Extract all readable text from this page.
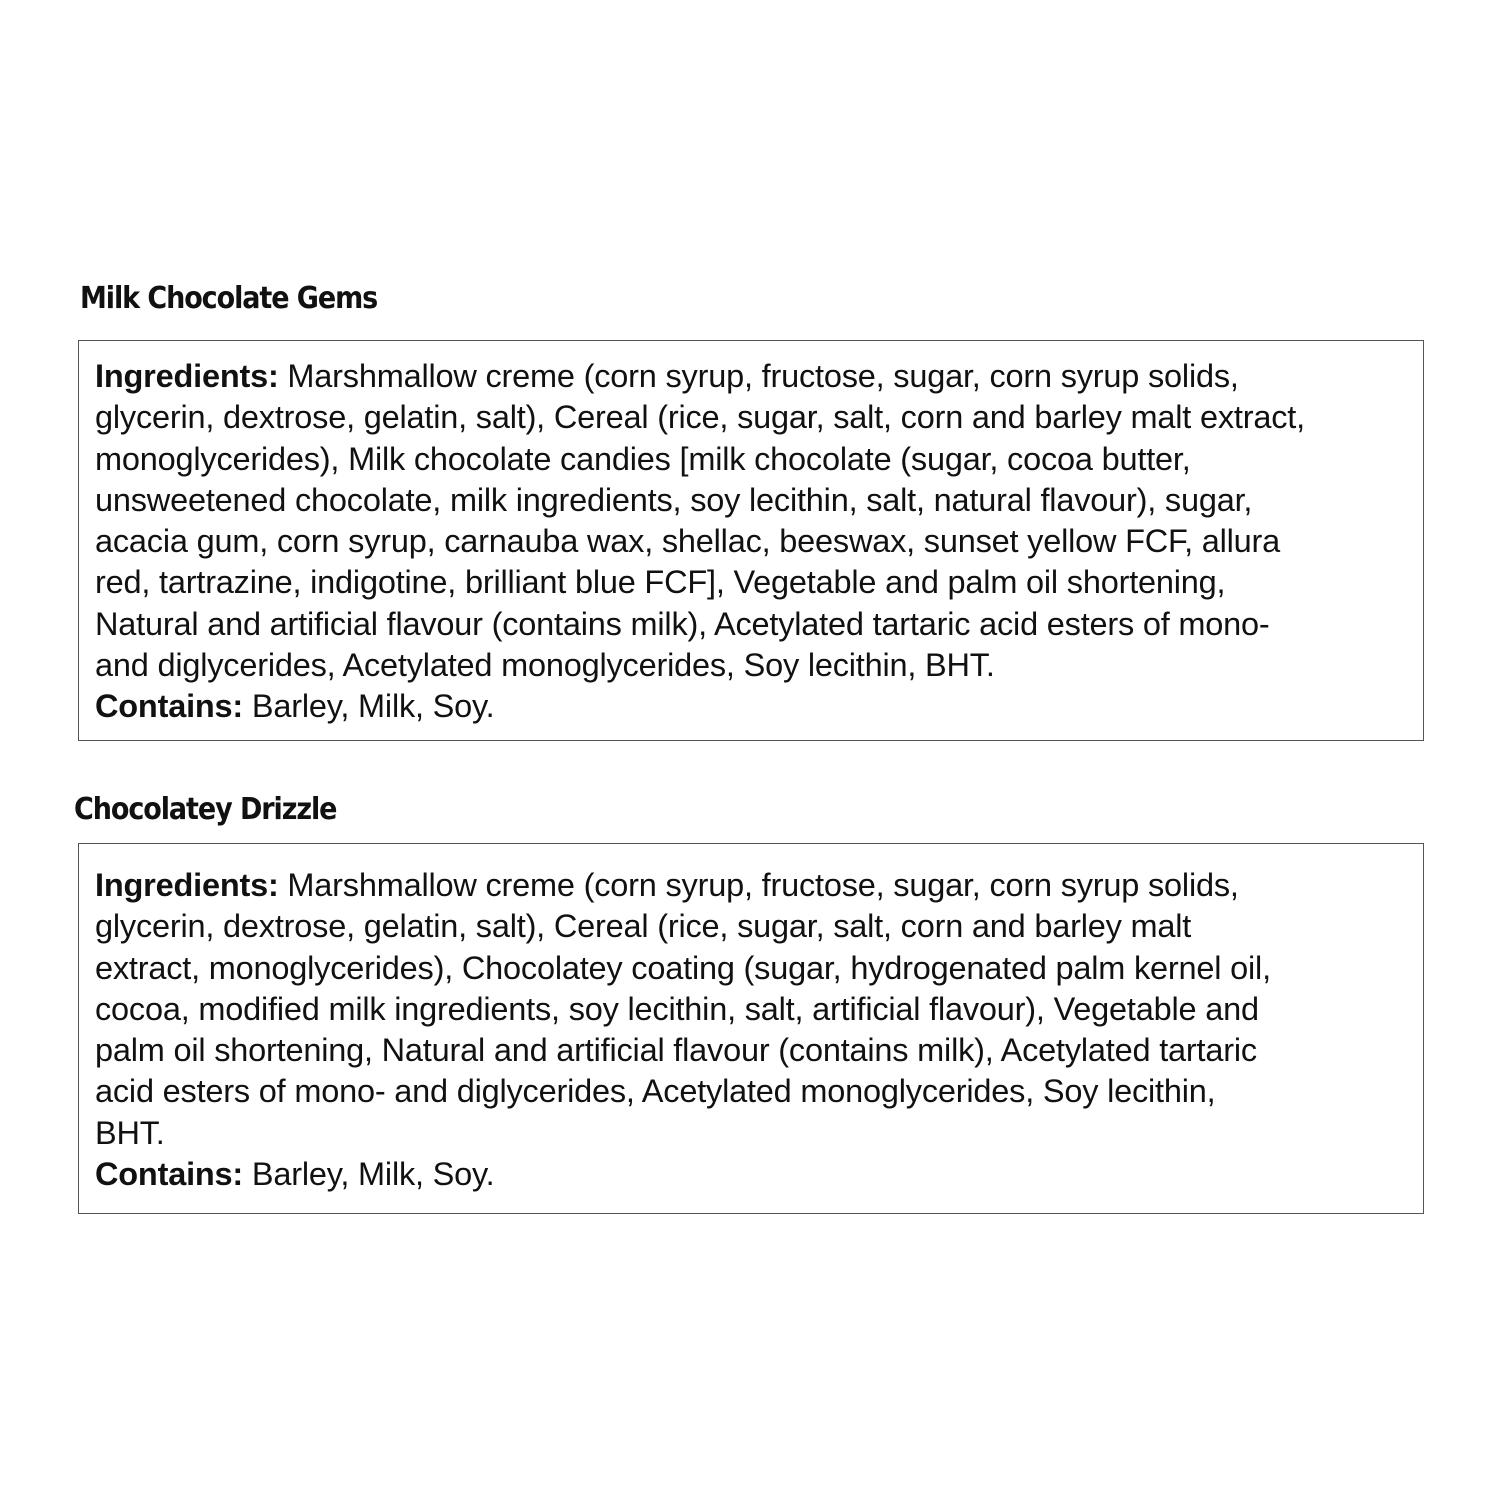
Milk Chocolate Gems

Ingredients: Marshmallow creme (corn syrup, fructose, sugar, corn syrup solids,
glycerin, dextrose, gelatin, salt), Cereal (rice, sugar, salt, corn and barley malt extract,
monoglycerides), Milk chocolate candies [milk chocolate (sugar, cocoa butter,
unsweetened chocolate, milk ingredients, soy lecithin, salt, natural flavour), sugar,
acacia gum, corn syrup, carnauba wax, shellac, beeswax, sunset yellow FCF, allura
red, tartrazine, indigotine, brilliant blue FCF], Vegetable and palm oil shortening,
Natural and artificial flavour (contains milk), Acetylated tartaric acid esters of mono-
and diglycerides, Acetylated monoglycerides, Soy lecithin, BHT.

Contains: Barley, Milk, Soy.

Chocolatey Drizzle

Ingredients: Marshmallow creme (corn syrup, fructose, sugar, corn syrup solids,
glycerin, dextrose, gelatin, salt), Cereal (rice, sugar, salt, corn and barley malt
extract, monoglycerides), Chocolatey coating (sugar, hydrogenated palm kernel oil,
cocoa, modified milk ingredients, soy lecithin, salt, artificial flavour), Vegetable and
palm oil shortening, Natural and artificial flavour (contains milk), Acetylated tartaric
acid esters of mono- and diglycerides, Acetylated monoglycerides, Soy lecithin,
BHT.

Contains: Barley, Milk, Soy.
